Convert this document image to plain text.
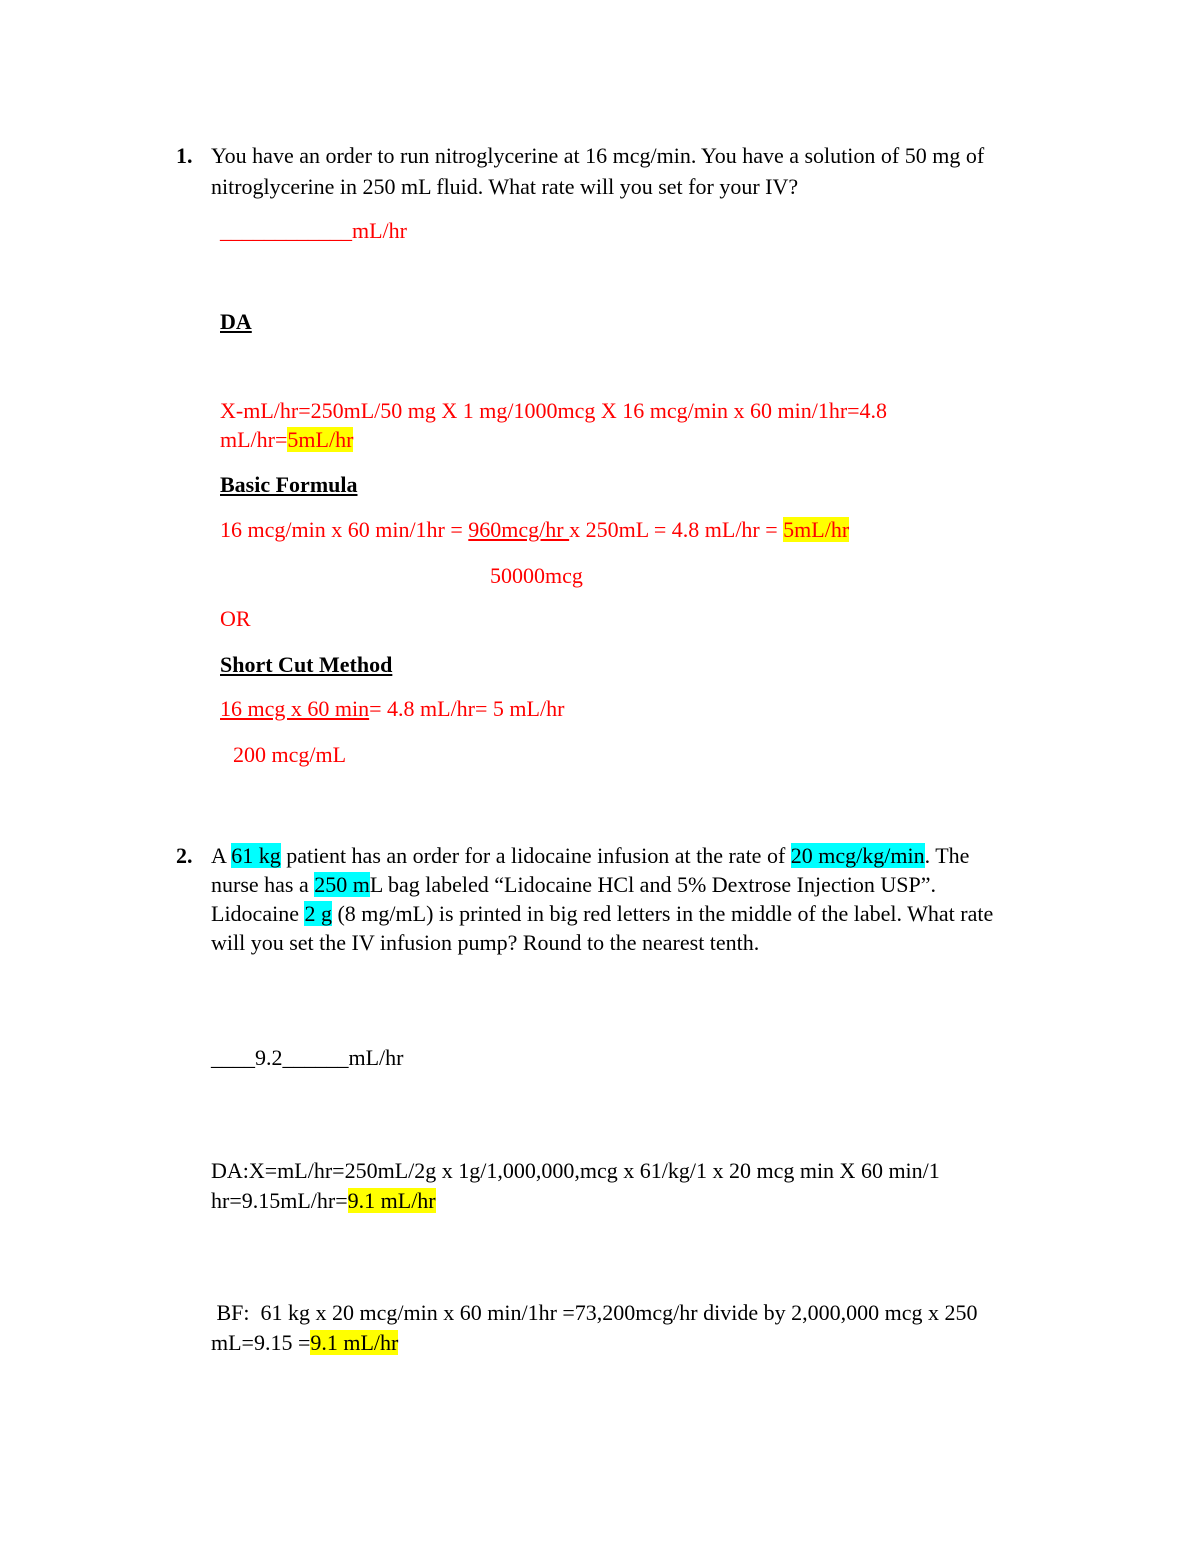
1. You have an order to run nitroglycerine at 16 mcg/min. You have a solution of 50 mg of
nitroglycerine in 250 mL fluid. What rate will you set for your IV?
____________mL/hr
DA
X-mL/hr=250mL/50 mg X 1 mg/1000mcg X 16 mcg/min x 60 min/1hr=4.8
mL/hr=5mL/hr
Basic Formula
16 mcg/min x 60 min/1hr = 960mcg/hr x 250mL = 4.8 mL/hr = 5mL/hr
50000mcg
OR
Short Cut Method
16 mcg x 60 min= 4.8 mL/hr= 5 mL/hr
200 mcg/mL
2. A 61 kg patient has an order for a lidocaine infusion at the rate of 20 mcg/kg/min. The
nurse has a 250 mL bag labeled “Lidocaine HCl and 5% Dextrose Injection USP”.
Lidocaine 2 g (8 mg/mL) is printed in big red letters in the middle of the label. What rate
will you set the IV infusion pump? Round to the nearest tenth.
____9.2______mL/hr
DA:X=mL/hr=250mL/2g x 1g/1,000,000,mcg x 61/kg/1 x 20 mcg min X 60 min/1
hr=9.15mL/hr=9.1 mL/hr
BF:  61 kg x 20 mcg/min x 60 min/1hr =73,200mcg/hr divide by 2,000,000 mcg x 250
mL=9.15 =9.1 mL/hr
